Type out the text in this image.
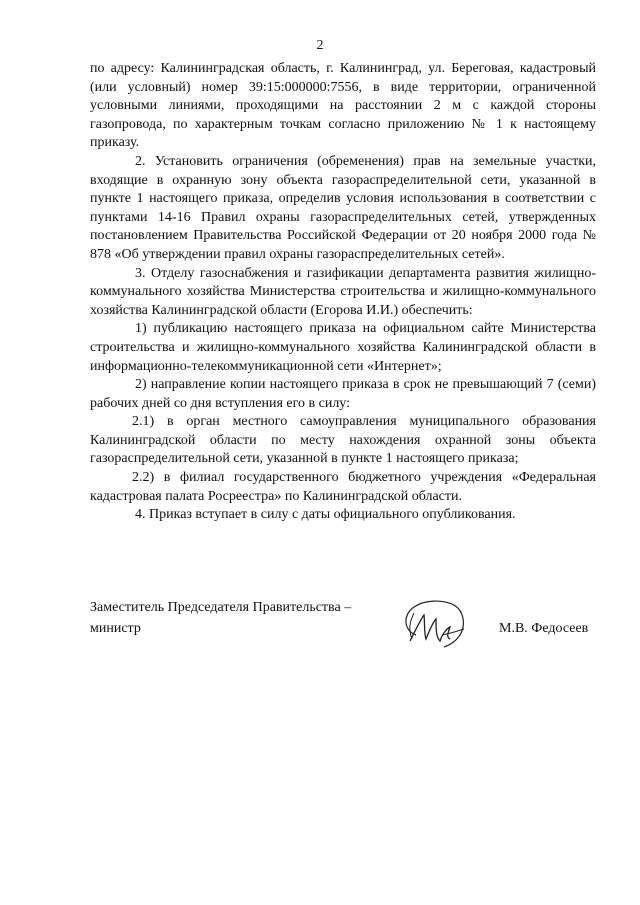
2

по адресу: Калининградская область, г. Калининград, ул. Береговая, кадастровый (или условный) номер 39:15:000000:7556, в виде территории, ограниченной условными линиями, проходящими на расстоянии 2 м с каждой стороны газопровода, по характерным точкам согласно приложению № 1 к настоящему приказу.

2. Установить ограничения (обременения) прав на земельные участки, входящие в охранную зону объекта газораспределительной сети, указанной в пункте 1 настоящего приказа, определив условия использования в соответствии с пунктами 14-16 Правил охраны газораспределительных сетей, утвержденных постановлением Правительства Российской Федерации от 20 ноября 2000 года № 878 «Об утверждении правил охраны газораспределительных сетей».

3. Отделу газоснабжения и газификации департамента развития жилищно-коммунального хозяйства Министерства строительства и жилищно-коммунального хозяйства Калининградской области (Егорова И.И.) обеспечить:

1) публикацию настоящего приказа на официальном сайте Министерства строительства и жилищно-коммунального хозяйства Калининградской области в информационно-телекоммуникационной сети «Интернет»;

2) направление копии настоящего приказа в срок не превышающий 7 (семи) рабочих дней со дня вступления его в силу:

2.1) в орган местного самоуправления муниципального образования Калининградской области по месту нахождения охранной зоны объекта газораспределительной сети, указанной в пункте 1 настоящего приказа;

2.2) в филиал государственного бюджетного учреждения «Федеральная кадастровая палата Росреестра» по Калининградской области.

4. Приказ вступает в силу с даты официального опубликования.

Заместитель Председателя Правительства –
министр	М.В. Федосеев
